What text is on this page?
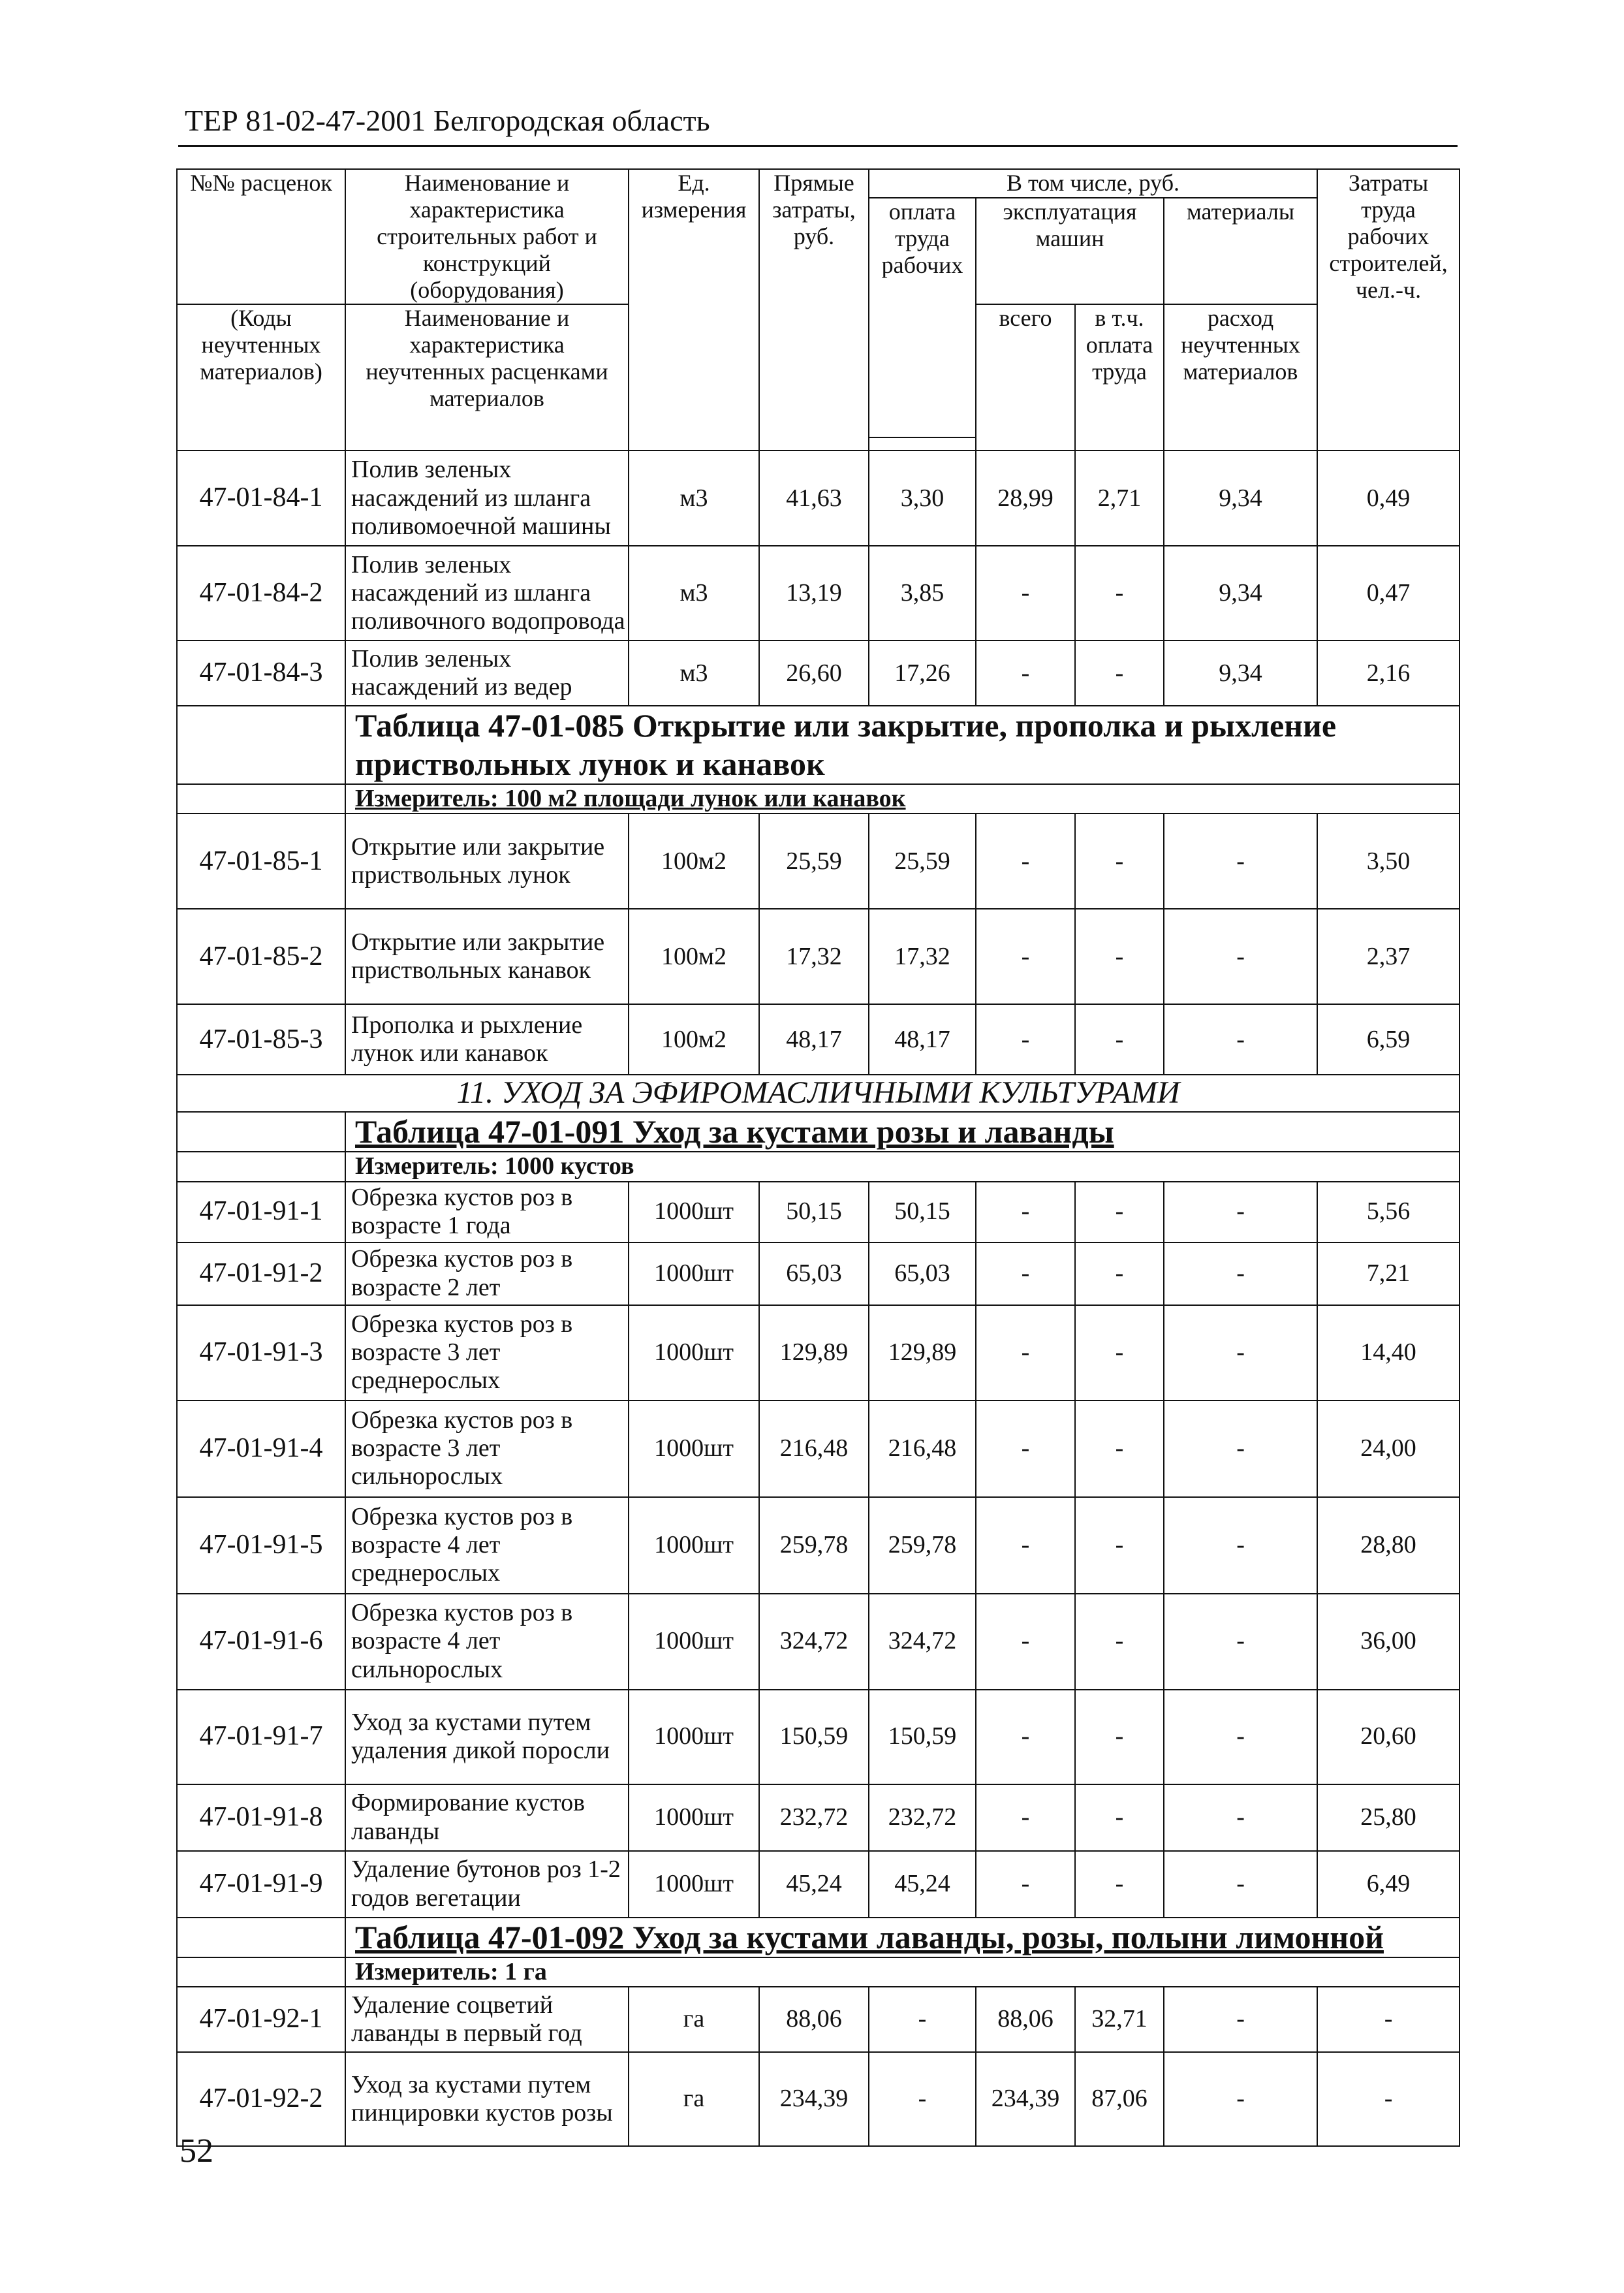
ТЕР 81-02-47-2001 Белгородская область
№№ расценок	Наименование и характеристика строительных работ и конструкций (оборудования)	Ед. измерения	Прямые затраты, руб.	В том числе, руб.				Затраты труда рабочих строителей, чел.-ч.
				оплата труда рабочих	эксплуатация машин		материалы	
(Коды неучтенных материалов)	Наименование и характеристика неучтенных расценками материалов				всего	в т.ч. оплата труда	расход неучтенных материалов	

47-01-84-1	Полив зеленых насаждений из шланга поливомоечной машины	м3	41,63	3,30	28,99	2,71	9,34	0,49
47-01-84-2	Полив зеленых насаждений из шланга поливочного водопровода	м3	13,19	3,85	-	-	9,34	0,47
47-01-84-3	Полив зеленых насаждений из ведер	м3	26,60	17,26	-	-	9,34	2,16
	Таблица 47-01-085 Открытие или закрытие, прополка и рыхление приствольных лунок и канавок							
	Измеритель: 100 м2 площади лунок или канавок							
47-01-85-1	Открытие или закрытие приствольных лунок	100м2	25,59	25,59	-	-	-	3,50
47-01-85-2	Открытие или закрытие приствольных канавок	100м2	17,32	17,32	-	-	-	2,37
47-01-85-3	Прополка и рыхление лунок или канавок	100м2	48,17	48,17	-	-	-	6,59
11. УХОД ЗА ЭФИРОМАСЛИЧНЫМИ КУЛЬТУРАМИ								
	Таблица 47-01-091 Уход за кустами розы и лаванды							
	Измеритель: 1000 кустов							
47-01-91-1	Обрезка кустов роз в возрасте 1 года	1000шт	50,15	50,15	-	-	-	5,56
47-01-91-2	Обрезка кустов роз в возрасте 2 лет	1000шт	65,03	65,03	-	-	-	7,21
47-01-91-3	Обрезка кустов роз в возрасте 3 лет среднерослых	1000шт	129,89	129,89	-	-	-	14,40
47-01-91-4	Обрезка кустов роз в возрасте 3 лет сильнорослых	1000шт	216,48	216,48	-	-	-	24,00
47-01-91-5	Обрезка кустов роз в возрасте 4 лет среднерослых	1000шт	259,78	259,78	-	-	-	28,80
47-01-91-6	Обрезка кустов роз в возрасте 4 лет сильнорослых	1000шт	324,72	324,72	-	-	-	36,00
47-01-91-7	Уход за кустами путем удаления дикой поросли	1000шт	150,59	150,59	-	-	-	20,60
47-01-91-8	Формирование кустов лаванды	1000шт	232,72	232,72	-	-	-	25,80
47-01-91-9	Удаление бутонов роз 1-2 годов вегетации	1000шт	45,24	45,24	-	-	-	6,49
	Таблица 47-01-092 Уход за кустами лаванды, розы, полыни лимонной							
	Измеритель: 1 га							
47-01-92-1	Удаление соцветий лаванды в первый год	га	88,06	-	88,06	32,71	-	-
47-01-92-2	Уход за кустами путем пинцировки кустов розы	га	234,39	-	234,39	87,06	-	-
52
